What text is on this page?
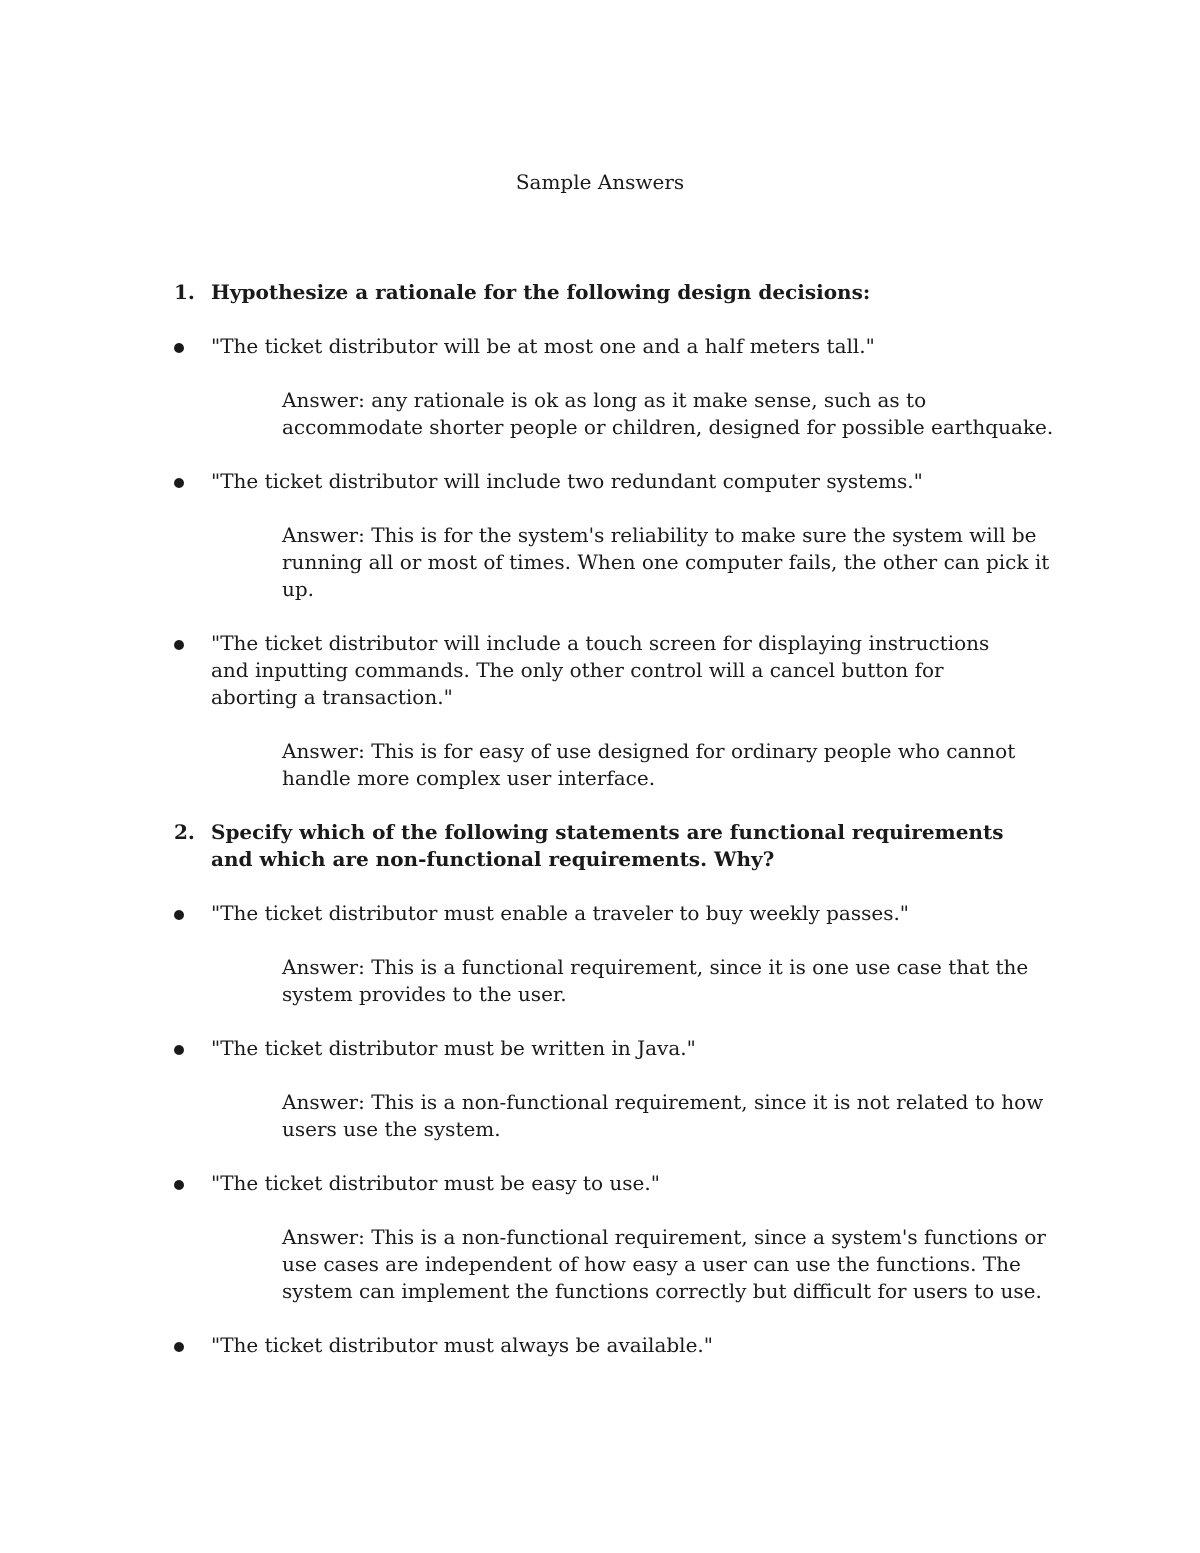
Sample Answers
1. Hypothesize a rationale for the following design decisions:
"The ticket distributor will be at most one and a half meters tall."
Answer: any rationale is ok as long as it make sense, such as to accommodate shorter people or children, designed for possible earthquake.
"The ticket distributor will include two redundant computer systems."
Answer: This is for the system's reliability to make sure the system will be running all or most of times. When one computer fails, the other can pick it up.
"The ticket distributor will include a touch screen for displaying instructions and inputting commands. The only other control will a cancel button for aborting a transaction."
Answer: This is for easy of use designed for ordinary people who cannot handle more complex user interface.
2. Specify which of the following statements are functional requirements and which are non-functional requirements. Why?
"The ticket distributor must enable a traveler to buy weekly passes."
Answer: This is a functional requirement, since it is one use case that the system provides to the user.
"The ticket distributor must be written in Java."
Answer: This is a non-functional requirement, since it is not related to how users use the system.
"The ticket distributor must be easy to use."
Answer: This is a non-functional requirement, since a system's functions or use cases are independent of how easy a user can use the functions. The system can implement the functions correctly but difficult for users to use.
"The ticket distributor must always be available."
